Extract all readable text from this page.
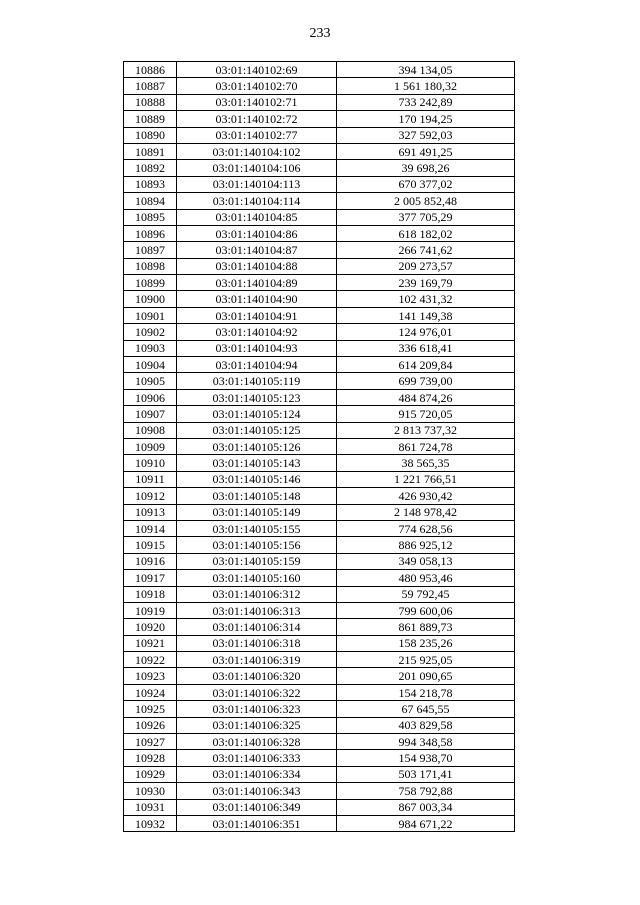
233
10886	03:01:140102:69	394 134,05
10887	03:01:140102:70	1 561 180,32
10888	03:01:140102:71	733 242,89
10889	03:01:140102:72	170 194,25
10890	03:01:140102:77	327 592,03
10891	03:01:140104:102	691 491,25
10892	03:01:140104:106	39 698,26
10893	03:01:140104:113	670 377,02
10894	03:01:140104:114	2 005 852,48
10895	03:01:140104:85	377 705,29
10896	03:01:140104:86	618 182,02
10897	03:01:140104:87	266 741,62
10898	03:01:140104:88	209 273,57
10899	03:01:140104:89	239 169,79
10900	03:01:140104:90	102 431,32
10901	03:01:140104:91	141 149,38
10902	03:01:140104:92	124 976,01
10903	03:01:140104:93	336 618,41
10904	03:01:140104:94	614 209,84
10905	03:01:140105:119	699 739,00
10906	03:01:140105:123	484 874,26
10907	03:01:140105:124	915 720,05
10908	03:01:140105:125	2 813 737,32
10909	03:01:140105:126	861 724,78
10910	03:01:140105:143	38 565,35
10911	03:01:140105:146	1 221 766,51
10912	03:01:140105:148	426 930,42
10913	03:01:140105:149	2 148 978,42
10914	03:01:140105:155	774 628,56
10915	03:01:140105:156	886 925,12
10916	03:01:140105:159	349 058,13
10917	03:01:140105:160	480 953,46
10918	03:01:140106:312	59 792,45
10919	03:01:140106:313	799 600,06
10920	03:01:140106:314	861 889,73
10921	03:01:140106:318	158 235,26
10922	03:01:140106:319	215 925,05
10923	03:01:140106:320	201 090,65
10924	03:01:140106:322	154 218,78
10925	03:01:140106:323	67 645,55
10926	03:01:140106:325	403 829,58
10927	03:01:140106:328	994 348,58
10928	03:01:140106:333	154 938,70
10929	03:01:140106:334	503 171,41
10930	03:01:140106:343	758 792,88
10931	03:01:140106:349	867 003,34
10932	03:01:140106:351	984 671,22
